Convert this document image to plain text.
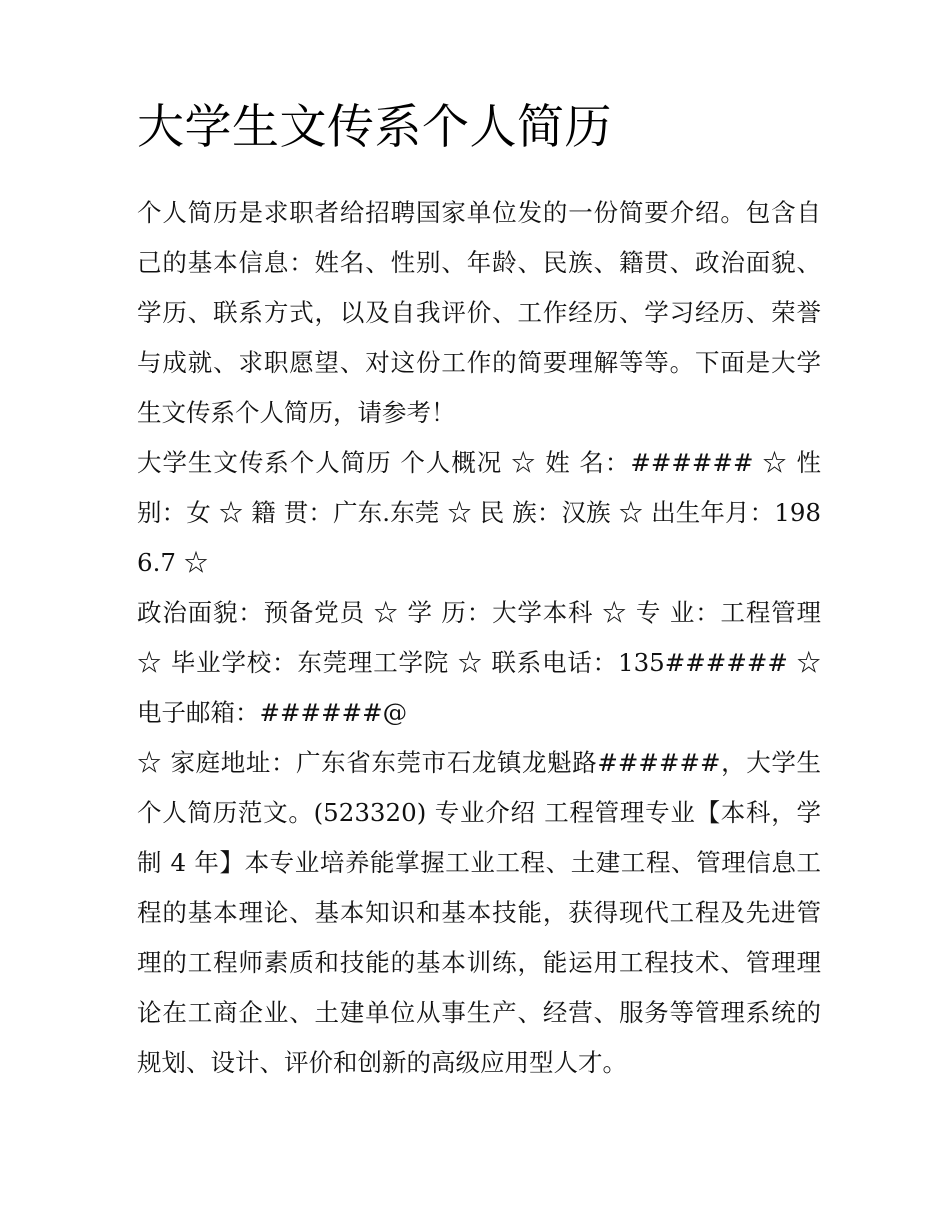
大学生文传系个人简历

个人简历是求职者给招聘国家单位发的一份简要介绍。包含自己的基本信息：姓名、性别、年龄、民族、籍贯、政治面貌、学历、联系方式，以及自我评价、工作经历、学习经历、荣誉与成就、求职愿望、对这份工作的简要理解等等。下面是大学生文传系个人简历，请参考！

大学生文传系个人简历 个人概况 ☆ 姓 名：###### ☆ 性别：女 ☆ 籍 贯：广东.东莞 ☆ 民 族：汉族 ☆ 出生年月：1986.7 ☆

政治面貌：预备党员 ☆ 学 历：大学本科 ☆ 专 业：工程管理 ☆ 毕业学校：东莞理工学院 ☆ 联系电话：135###### ☆ 电子邮箱：######@

☆ 家庭地址：广东省东莞市石龙镇龙魁路######，大学生个人简历范文。(523320) 专业介绍 工程管理专业【本科，学制 4 年】本专业培养能掌握工业工程、土建工程、管理信息工程的基本理论、基本知识和基本技能，获得现代工程及先进管理的工程师素质和技能的基本训练，能运用工程技术、管理理论在工商企业、土建单位从事生产、经营、服务等管理系统的规划、设计、评价和创新的高级应用型人才。
